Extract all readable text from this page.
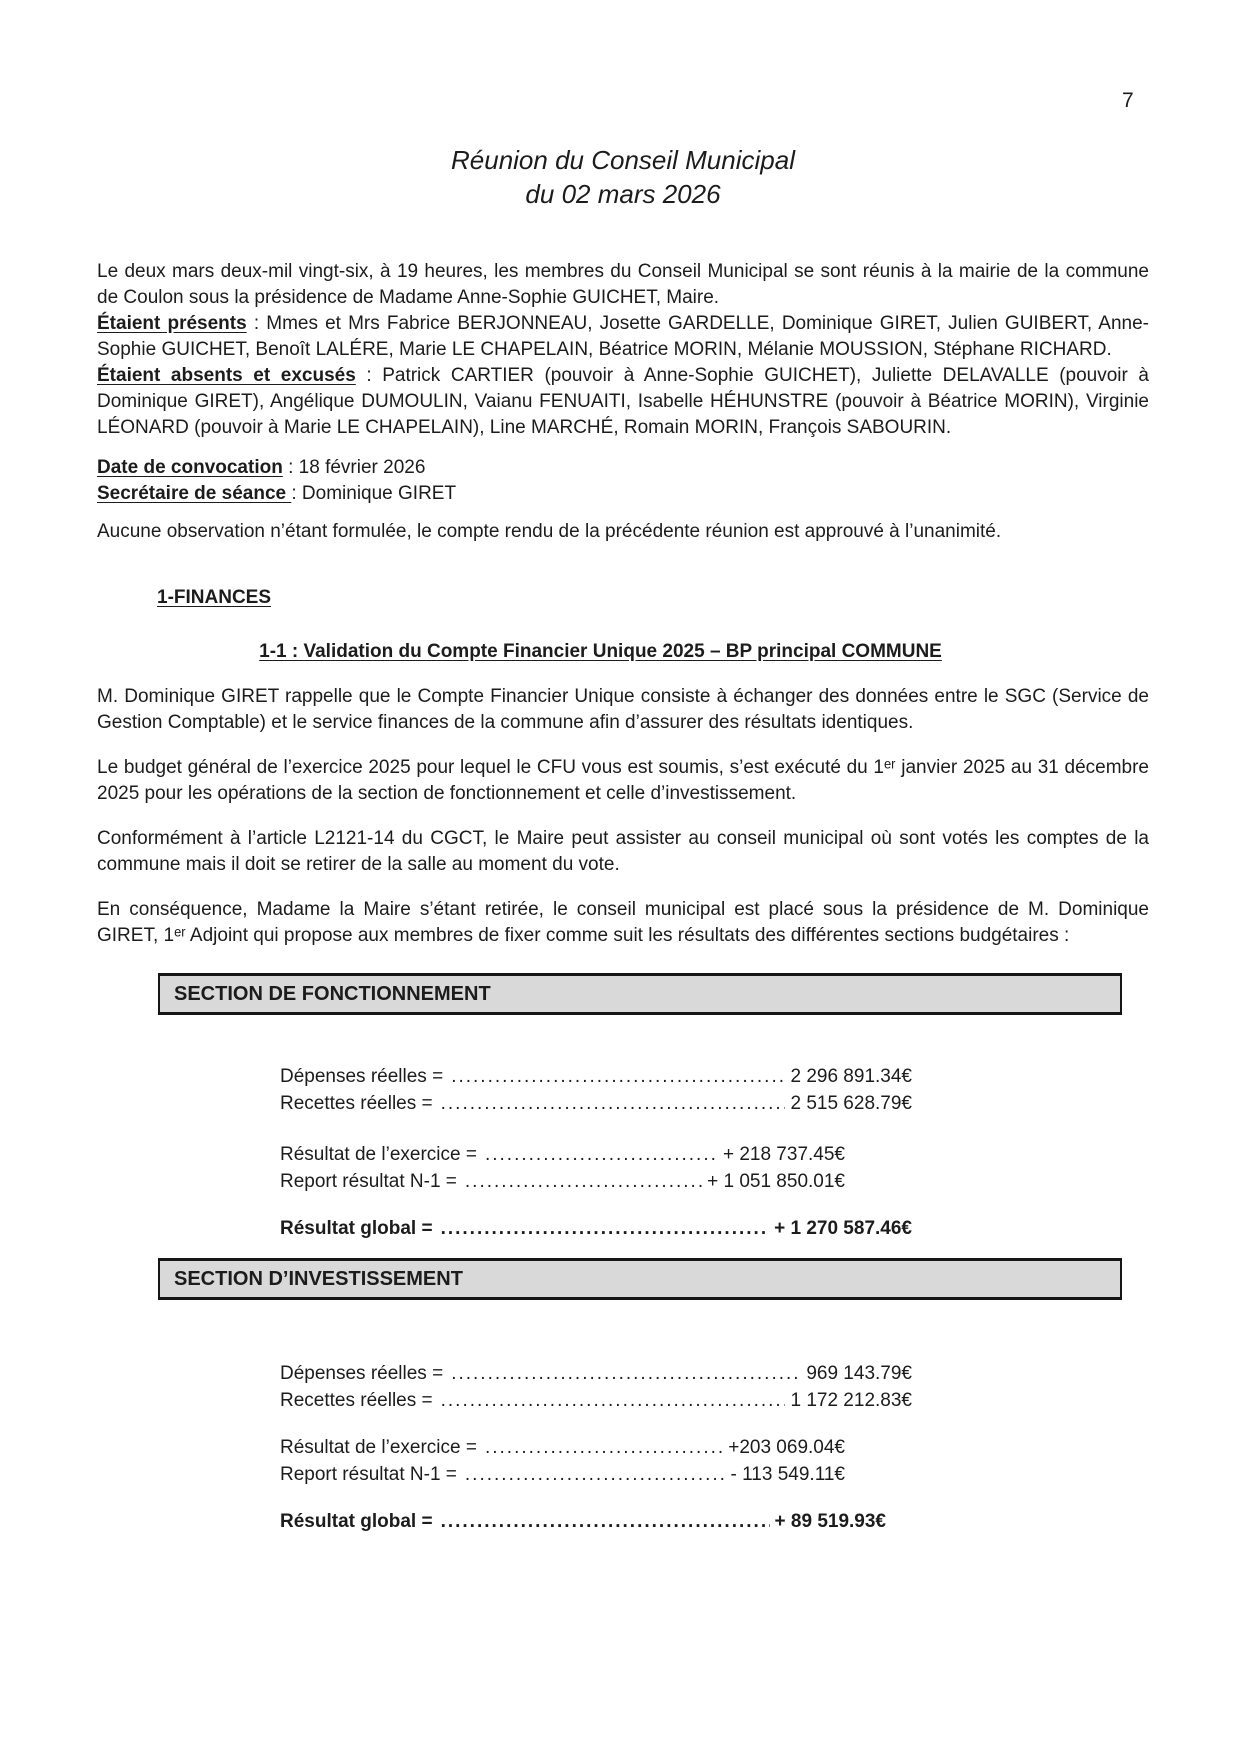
7
Réunion du Conseil Municipal
du 02 mars 2026

Le deux mars deux-mil vingt-six, à 19 heures, les membres du Conseil Municipal se sont réunis à la mairie de la commune de Coulon sous la présidence de Madame Anne-Sophie GUICHET, Maire.

Étaient présents : Mmes et Mrs Fabrice BERJONNEAU, Josette GARDELLE, Dominique GIRET, Julien GUIBERT, Anne-Sophie GUICHET, Benoît LALÉRE, Marie LE CHAPELAIN, Béatrice MORIN, Mélanie MOUSSION, Stéphane RICHARD.

Étaient absents et excusés : Patrick CARTIER (pouvoir à Anne-Sophie GUICHET), Juliette DELAVALLE (pouvoir à Dominique GIRET), Angélique DUMOULIN, Vaianu FENUAITI, Isabelle HÉHUNSTRE (pouvoir à Béatrice MORIN), Virginie LÉONARD (pouvoir à Marie LE CHAPELAIN), Line MARCHÉ, Romain MORIN, François SABOURIN.

Date de convocation : 18 février 2026

Secrétaire de séance : Dominique GIRET

Aucune observation n’étant formulée, le compte rendu de la précédente réunion est approuvé à l’unanimité.

1-FINANCES
1-1 : Validation du Compte Financier Unique 2025 – BP principal COMMUNE

M. Dominique GIRET rappelle que le Compte Financier Unique consiste à échanger des données entre le SGC (Service de Gestion Comptable) et le service finances de la commune afin d’assurer des résultats identiques.

Le budget général de l’exercice 2025 pour lequel le CFU vous est soumis, s’est exécuté du 1ᵉʳ janvier 2025 au 31 décembre 2025 pour les opérations de la section de fonctionnement et celle d’investissement.

Conformément à l’article L2121-14 du CGCT, le Maire peut assister au conseil municipal où sont votés les comptes de la commune mais il doit se retirer de la salle au moment du vote.

En conséquence, Madame la Maire s’étant retirée, le conseil municipal est placé sous la présidence de M. Dominique GIRET, 1ᵉʳ Adjoint qui propose aux membres de fixer comme suit les résultats des différentes sections budgétaires :

SECTION DE FONCTIONNEMENT
Dépenses réelles = .....	2 296 891.34€
Recettes réelles = .....	2 515 628.79€
Résultat de l’exercice = .....	+ 218 737.45€
Report résultat N-1 = .....	+ 1 051 850.01€
Résultat global = .....	+ 1 270 587.46€
SECTION D’INVESTISSEMENT
Dépenses réelles = .....	969 143.79€
Recettes réelles = .....	1 172 212.83€
Résultat de l’exercice = .....	+203 069.04€
Report résultat N-1 = .....	- 113 549.11€
Résultat global = .....	+ 89 519.93€
